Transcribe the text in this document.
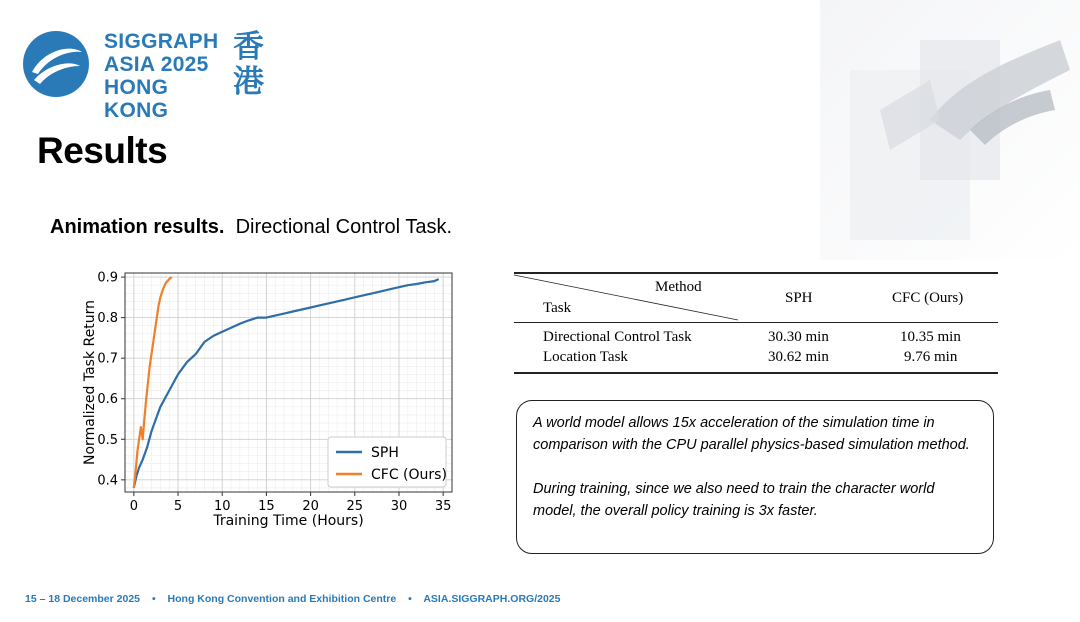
SIGGRAPH
ASIA 2025
HONG KONG
香
港
Results
Animation results. Directional Control Task.
0	5 10 15 20 25 30 35
0.4
0.5
0.6
0.7
0.8
0.9
Training Time (Hours)
Normalized Task Return	SPH
CFC (Ours)
Method
Task
SPH	CFC (Ours)
Directional Control Task	30.30 min	10.35 min
Location Task	30.62 min	9.76 min

A world model allows 15x acceleration of the simulation time in comparison with the CPU parallel physics-based simulation method.

During training, since we also need to train the character world model, the overall policy training is 3x faster.

15 – 18 December 2025 • Hong Kong Convention and Exhibition Centre • ASIA.SIGGRAPH.ORG/2025
